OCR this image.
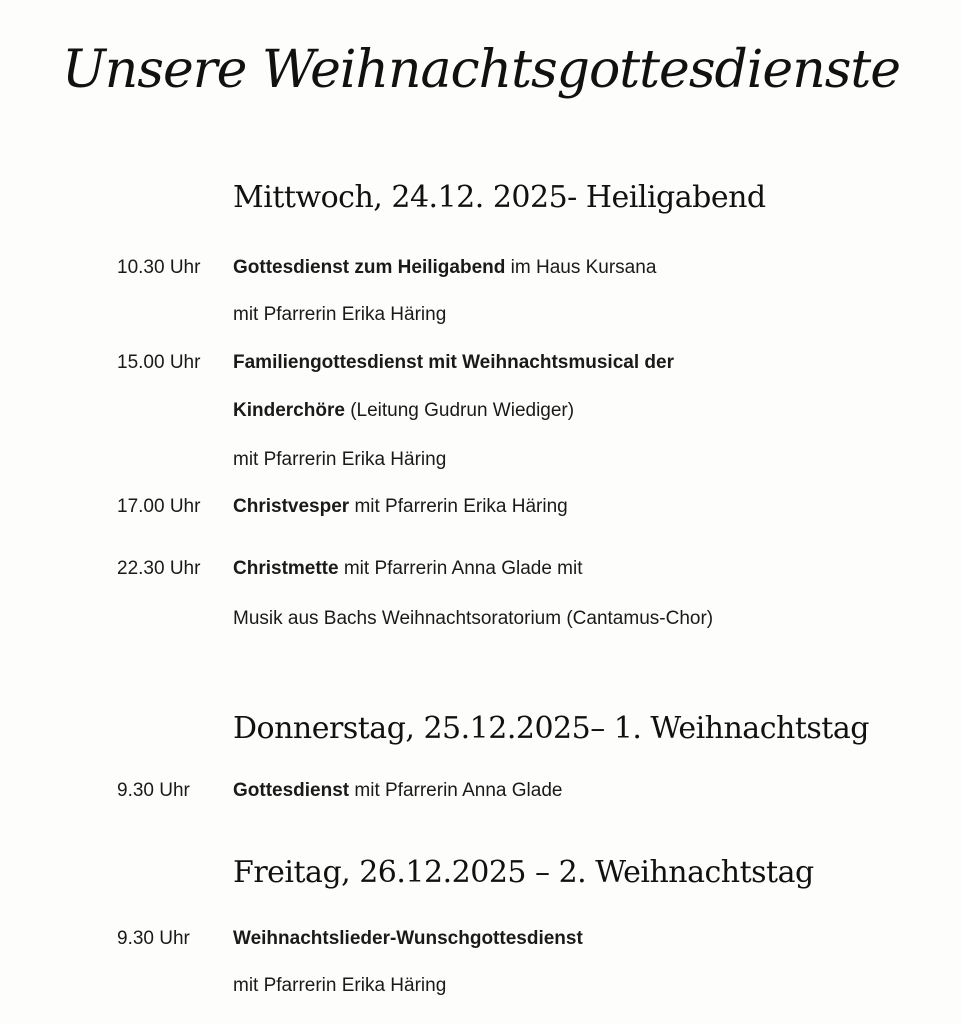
Unsere Weihnachtsgottesdienste
Mittwoch, 24.12. 2025- Heiligabend
10.30 Uhr Gottesdienst zum Heiligabend im Haus Kursana
mit Pfarrerin Erika Häring
15.00 Uhr Familiengottesdienst mit Weihnachtsmusical der
Kinderchöre (Leitung Gudrun Wiediger)
mit Pfarrerin Erika Häring
17.00 Uhr Christvesper mit Pfarrerin Erika Häring
22.30 Uhr Christmette mit Pfarrerin Anna Glade mit
Musik aus Bachs Weihnachtsoratorium (Cantamus-Chor)
Donnerstag, 25.12.2025– 1. Weihnachtstag
9.30 Uhr Gottesdienst mit Pfarrerin Anna Glade
Freitag, 26.12.2025 – 2. Weihnachtstag
9.30 Uhr Weihnachtslieder-Wunschgottesdienst
mit Pfarrerin Erika Häring
